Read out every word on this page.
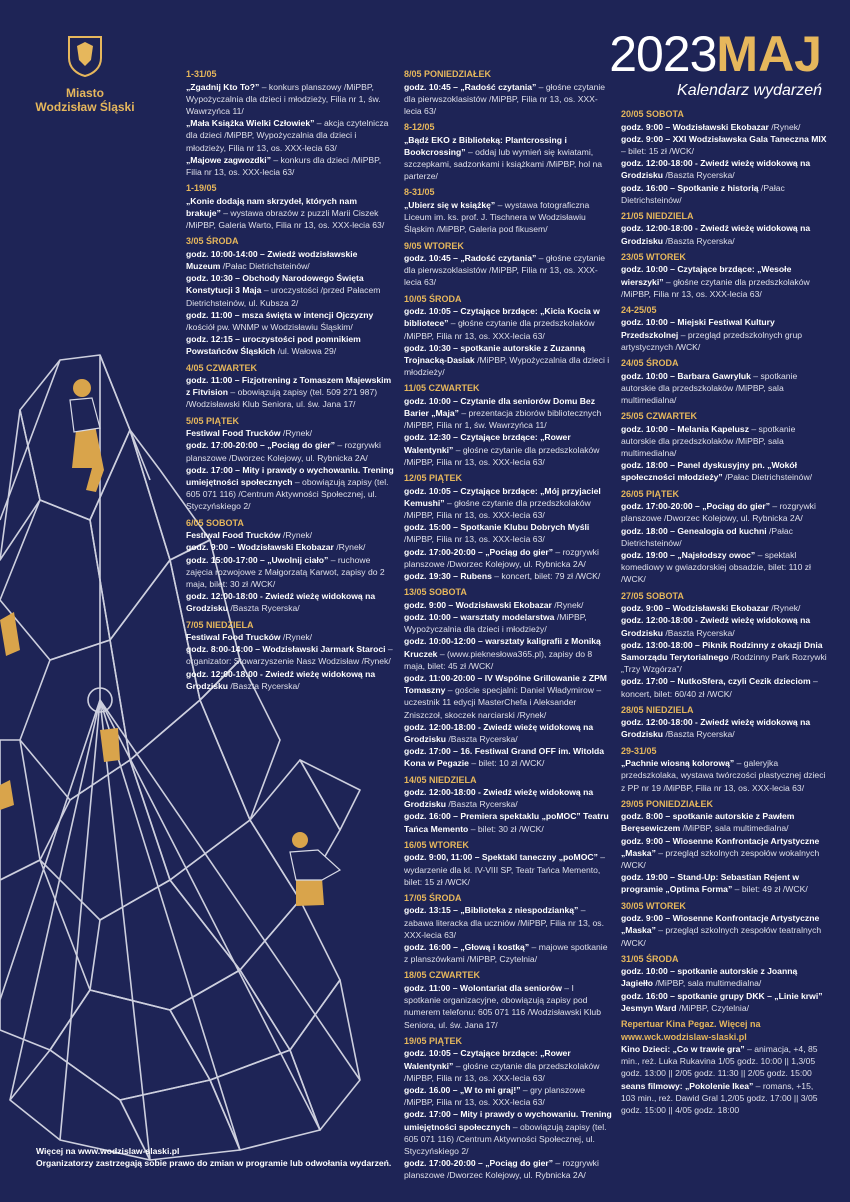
Miasto
Wodzisław Śląski
2023MAJ
Kalendarz wydarzeń
1-31/05
„Zgadnij Kto To?” – konkurs planszowy /MiPBP, Wypożyczalnia dla dzieci i młodzieży, Filia nr 1, św. Wawrzyńca 11/
„Mała Książka Wielki Człowiek” – akcja czytelnicza dla dzieci /MiPBP, Wypożyczalnia dla dzieci i młodzieży, Filia nr 13, os. XXX-lecia 63/
„Majowe zagwozdki” – konkurs dla dzieci /MiPBP, Filia nr 13, os. XXX-lecia 63/
1-19/05
„Konie dodają nam skrzydeł, których nam brakuje” – wystawa obrazów z puzzli Marii Ciszek /MiPBP, Galeria Warto, Filia nr 13, os. XXX-lecia 63/
3/05 ŚRODA
godz. 10:00-14:00 – Zwiedź wodzisławskie Muzeum /Pałac Dietrichsteinów/
godz. 10:30 – Obchody Narodowego Święta Konstytucji 3 Maja – uroczystości /przed Pałacem Dietrichsteinów, ul. Kubsza 2/
godz. 11:00 – msza święta w intencji Ojczyzny /kościół pw. WNMP w Wodzisławiu Śląskim/
godz. 12:15 – uroczystości pod pomnikiem Powstańców Śląskich /ul. Wałowa 29/
4/05 CZWARTEK
godz. 11:00 – Fizjotrening z Tomaszem Majewskim z Fitvision – obowiązują zapisy (tel. 509 271 987) /Wodzisławski Klub Seniora, ul. św. Jana 17/
5/05 PIĄTEK
Festiwal Food Trucków /Rynek/
godz. 17:00-20:00 – „Pociąg do gier” – rozgrywki planszowe /Dworzec Kolejowy, ul. Rybnicka 2A/
godz. 17:00 – Mity i prawdy o wychowaniu. Trening umiejętności społecznych – obowiązują zapisy (tel. 605 071 116) /Centrum Aktywności Społecznej, ul. Styczyńskiego 2/
6/05 SOBOTA
Festiwal Food Trucków /Rynek/
godz. 9:00 – Wodzisławski Ekobazar /Rynek/
godz. 15:00-17:00 – „Uwolnij ciało” – ruchowe zajęcia rozwojowe z Małgorzatą Karwot, zapisy do 2 maja, bilet: 30 zł /WCK/
godz. 12:00-18:00 - Zwiedź wieżę widokową na Grodzisku /Baszta Rycerska/
7/05 NIEDZIELA
Festiwal Food Trucków /Rynek/
godz. 8:00-14:00 – Wodzisławski Jarmark Staroci – organizator: Stowarzyszenie Nasz Wodzisław /Rynek/
godz. 12:00-18:00 - Zwiedź wieżę widokową na Grodzisku /Baszta Rycerska/
8/05 PONIEDZIAŁEK
godz. 10:45 – „Radość czytania” – głośne czytanie dla pierwszoklasistów /MiPBP, Filia nr 13, os. XXX-lecia 63/
8-12/05
„Bądź EKO z Biblioteką: Plantcrossing i Bookcrossing” – oddaj lub wymień się kwiatami, szczepkami, sadzonkami i książkami /MiPBP, hol na parterze/
8-31/05
„Ubierz się w książkę” – wystawa fotograficzna Liceum im. ks. prof. J. Tischnera w Wodzisławiu Śląskim /MiPBP, Galeria pod fikusem/
9/05 WTOREK
godz. 10:45 – „Radość czytania” – głośne czytanie dla pierwszoklasistów /MiPBP, Filia nr 13, os. XXX-lecia 63/
10/05 ŚRODA
godz. 10:05 – Czytające brzdące: „Kicia Kocia w bibliotece” – głośne czytanie dla przedszkolaków /MiPBP, Filia nr 13, os. XXX-lecia 63/
godz. 10:30 – spotkanie autorskie z Zuzanną Trojnacką-Dasiak /MiPBP, Wypożyczalnia dla dzieci i młodzieży/
11/05 CZWARTEK
godz. 10:00 – Czytanie dla seniorów Domu Bez Barier „Maja” – prezentacja zbiorów bibliotecznych /MiPBP, Filia nr 1, św. Wawrzyńca 11/
godz. 12:30 – Czytające brzdące: „Rower Walentynki” – głośne czytanie dla przedszkolaków /MiPBP, Filia nr 13, os. XXX-lecia 63/
12/05 PIĄTEK
godz. 10:05 – Czytające brzdące: „Mój przyjaciel Kemushi” – głośne czytanie dla przedszkolaków /MiPBP, Filia nr 13, os. XXX-lecia 63/
godz. 15:00 – Spotkanie Klubu Dobrych Myśli /MiPBP, Filia nr 13, os. XXX-lecia 63/
godz. 17:00-20:00 – „Pociąg do gier” – rozgrywki planszowe /Dworzec Kolejowy, ul. Rybnicka 2A/
godz. 19:30 – Rubens – koncert, bilet: 79 zł /WCK/
13/05 SOBOTA
godz. 9:00 – Wodzisławski Ekobazar /Rynek/
godz. 10:00 – warsztaty modelarstwa /MiPBP, Wypożyczalnia dla dzieci i młodzieży/
godz. 10:00-12:00 – warsztaty kaligrafii z Moniką Kruczek – (www.pieknesłowa365.pl), zapisy do 8 maja, bilet: 45 zł /WCK/
godz. 11:00-20:00 – IV Wspólne Grillowanie z ZPM Tomaszny – goście specjalni: Daniel Władymirow – uczestnik 11 edycji MasterChefa i Aleksander Zniszczoł, skoczek narciarski /Rynek/
godz. 12:00-18:00 - Zwiedź wieżę widokową na Grodzisku /Baszta Rycerska/
godz. 17:00 – 16. Festiwal Grand OFF im. Witolda Kona w Pegazie – bilet: 10 zł /WCK/
14/05 NIEDZIELA
godz. 12:00-18:00 - Zwiedź wieżę widokową na Grodzisku /Baszta Rycerska/
godz. 16:00 – Premiera spektaklu „poMOC” Teatru Tańca Memento – bilet: 30 zł /WCK/
16/05 WTOREK
godz. 9:00, 11:00 – Spektakl taneczny „poMOC” – wydarzenie dla kl. IV-VIII SP, Teatr Tańca Memento, bilet: 15 zł /WCK/
17/05 ŚRODA
godz. 13:15 – „Biblioteka z niespodzianką” – zabawa literacka dla uczniów /MiPBP, Filia nr 13, os. XXX-lecia 63/
godz. 16:00 – „Głową i kostką” – majowe spotkanie z planszówkami /MiPBP, Czytelnia/
18/05 CZWARTEK
godz. 11:00 – Wolontariat dla seniorów – I spotkanie organizacyjne, obowiązują zapisy pod numerem telefonu: 605 071 116 /Wodzisławski Klub Seniora, ul. św. Jana 17/
19/05 PIĄTEK
godz. 10:05 – Czytające brzdące: „Rower Walentynki” – głośne czytanie dla przedszkolaków /MiPBP, Filia nr 13, os. XXX-lecia 63/
godz. 16.00 – „W to mi graj!” – gry planszowe /MiPBP, Filia nr 13, os. XXX-lecia 63/
godz. 17:00 – Mity i prawdy o wychowaniu. Trening umiejętności społecznych – obowiązują zapisy (tel. 605 071 116) /Centrum Aktywności Społecznej, ul. Styczyńskiego 2/
godz. 17:00-20:00 – „Pociąg do gier” – rozgrywki planszowe /Dworzec Kolejowy, ul. Rybnicka 2A/
20/05 SOBOTA
godz. 9:00 – Wodzisławski Ekobazar /Rynek/
godz. 9:00 – XXI Wodzisławska Gala Taneczna MIX – bilet: 15 zł /WCK/
godz. 12:00-18:00 - Zwiedź wieżę widokową na Grodzisku /Baszta Rycerska/
godz. 16:00 – Spotkanie z historią /Pałac Dietrichsteinów/
21/05 NIEDZIELA
godz. 12:00-18:00 - Zwiedź wieżę widokową na Grodzisku /Baszta Rycerska/
23/05 WTOREK
godz. 10:00 – Czytające brzdące: „Wesołe wierszyki” – głośne czytanie dla przedszkolaków /MiPBP, Filia nr 13, os. XXX-lecia 63/
24-25/05
godz. 10:00 – Miejski Festiwal Kultury Przedszkolnej – przegląd przedszkolnych grup artystycznych /WCK/
24/05 ŚRODA
godz. 10:00 – Barbara Gawryluk – spotkanie autorskie dla przedszkolaków /MiPBP, sala multimedialna/
25/05 CZWARTEK
godz. 10:00 – Melania Kapelusz – spotkanie autorskie dla przedszkolaków /MiPBP, sala multimedialna/
godz. 18:00 – Panel dyskusyjny pn. „Wokół społeczności młodzieży” /Pałac Dietrichsteinów/
26/05 PIĄTEK
godz. 17:00-20:00 – „Pociąg do gier” – rozgrywki planszowe /Dworzec Kolejowy, ul. Rybnicka 2A/
godz. 18:00 – Genealogia od kuchni /Pałac Dietrichsteinów/
godz. 19:00 – „Najsłodszy owoc” – spektakl komediowy w gwiazdorskiej obsadzie, bilet: 110 zł /WCK/
27/05 SOBOTA
godz. 9:00 – Wodzisławski Ekobazar /Rynek/
godz. 12:00-18:00 - Zwiedź wieżę widokową na Grodzisku /Baszta Rycerska/
godz. 13:00-18:00 – Piknik Rodzinny z okazji Dnia Samorządu Terytorialnego /Rodzinny Park Rozrywki „Trzy Wzgórza”/
godz. 17:00 – NutkoSfera, czyli Cezik dzieciom – koncert, bilet: 60/40 zł /WCK/
28/05 NIEDZIELA
godz. 12:00-18:00 - Zwiedź wieżę widokową na Grodzisku /Baszta Rycerska/
29-31/05
„Pachnie wiosną kolorową” – galeryjka przedszkolaka, wystawa twórczości plastycznej dzieci z PP nr 19 /MiPBP, Filia nr 13, os. XXX-lecia 63/
29/05 PONIEDZIAŁEK
godz. 8:00 – spotkanie autorskie z Pawłem Beręsewiczem /MiPBP, sala multimedialna/
godz. 9:00 – Wiosenne Konfrontacje Artystyczne „Maska” – przegląd szkolnych zespołów wokalnych /WCK/
godz. 19:00 – Stand-Up: Sebastian Rejent w programie „Optima Forma” – bilet: 49 zł /WCK/
30/05 WTOREK
godz. 9:00 – Wiosenne Konfrontacje Artystyczne „Maska” – przegląd szkolnych zespołów teatralnych /WCK/
31/05 ŚRODA
godz. 10:00 – spotkanie autorskie z Joanną Jagiełło /MiPBP, sala multimedialna/
godz. 16:00 – spotkanie grupy DKK – „Linie krwi” Jesmyn Ward /MiPBP, Czytelnia/
Repertuar Kina Pegaz. Więcej na www.wck.wodzislaw-slaski.pl
Kino Dzieci: „Co w trawie gra” – animacja, +4, 85 min., reż. Luka Rukavina 1/05 godz. 10:00 || 1,3/05 godz. 13:00 || 2/05 godz. 11:30 || 2/05 godz. 15:00
seans filmowy: „Pokolenie Ikea” – romans, +15, 103 min., reż. Dawid Gral 1,2/05 godz. 17:00 || 3/05 godz. 15:00 || 4/05 godz. 18:00
Więcej na www.wodzislaw-slaski.pl
Organizatorzy zastrzegają sobie prawo do zmian w programie lub odwołania wydarzeń.
